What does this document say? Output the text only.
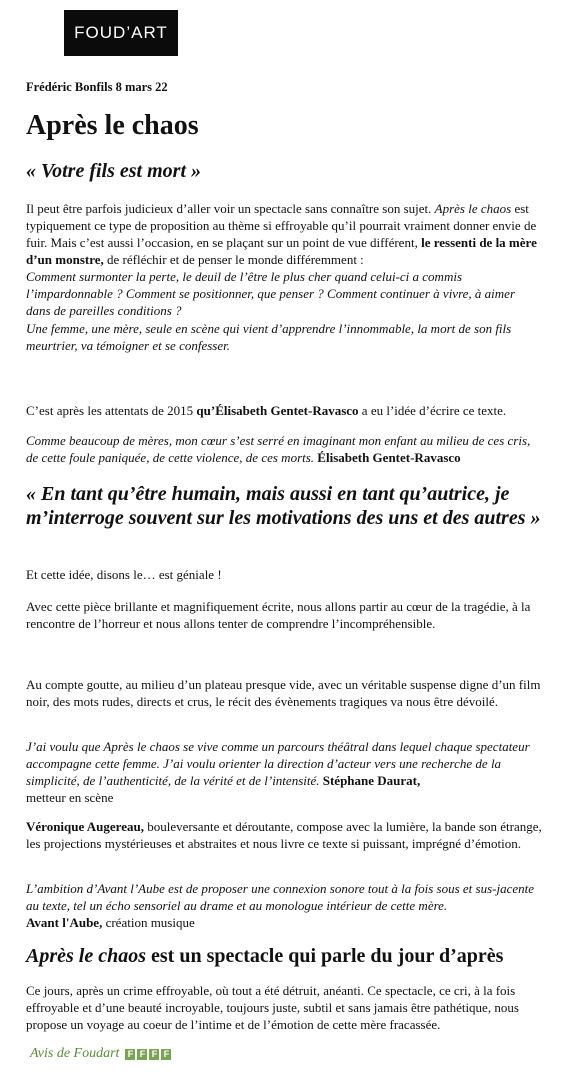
FOUD’ART
Frédéric Bonfils 8 mars 22
Après le chaos
« Votre fils est mort »

Il peut être parfois judicieux d’aller voir un spectacle sans connaître son sujet. Après le chaos est typiquement ce type de proposition au thème si effroyable qu’il pourrait vraiment donner envie de fuir. Mais c’est aussi l’occasion, en se plaçant sur un point de vue différent, le ressenti de la mère d’un monstre, de réfléchir et de penser le monde différemment :
Comment surmonter la perte, le deuil de l’être le plus cher quand celui-ci a commis l’impardonnable ? Comment se positionner, que penser ? Comment continuer à vivre, à aimer dans de pareilles conditions ?

Une femme, une mère, seule en scène qui vient d’apprendre l’innommable, la mort de son fils meurtrier, va témoigner et se confesser.

C’est après les attentats de 2015 qu’Élisabeth Gentet-Ravasco a eu l’idée d’écrire ce texte.

Comme beaucoup de mères, mon cœur s’est serré en imaginant mon enfant au milieu de ces cris, de cette foule paniquée, de cette violence, de ces morts. Élisabeth Gentet-Ravasco

« En tant qu’être humain, mais aussi en tant qu’autrice, je m’interroge souvent sur les motivations des uns et des autres »

Et cette idée, disons le… est géniale !

Avec cette pièce brillante et magnifiquement écrite, nous allons partir au cœur de la tragédie, à la rencontre de l’horreur et nous allons tenter de comprendre l’incompréhensible.

Au compte goutte, au milieu d’un plateau presque vide, avec un véritable suspense digne d’un film noir, des mots rudes, directs et crus, le récit des évènements tragiques va nous être dévoilé.

J’ai voulu que Après le chaos se vive comme un parcours théâtral dans lequel chaque spectateur accompagne cette femme. J’ai voulu orienter la direction d’acteur vers une recherche de la simplicité, de l’authenticité, de la vérité et de l’intensité. Stéphane Daurat,
metteur en scène

Véronique Augereau, bouleversante et déroutante, compose avec la lumière, la bande son étrange, les projections mystérieuses et abstraites et nous livre ce texte si puissant, imprégné d’émotion.

L’ambition d’Avant l’Aube est de proposer une connexion sonore tout à la fois sous et sus-jacente au texte, tel un écho sensoriel au drame et au monologue intérieur de cette mère.
Avant l'Aube, création musique

Après le chaos est un spectacle qui parle du jour d’après

Ce jours, après un crime effroyable, où tout a été détruit, anéanti. Ce spectacle, ce cri, à la fois effroyable et d’une beauté incroyable, toujours juste, subtil et sans jamais être pathétique, nous propose un voyage au coeur de l’intime et de l’émotion de cette mère fracassée.

Avis de Foudart F F F F
